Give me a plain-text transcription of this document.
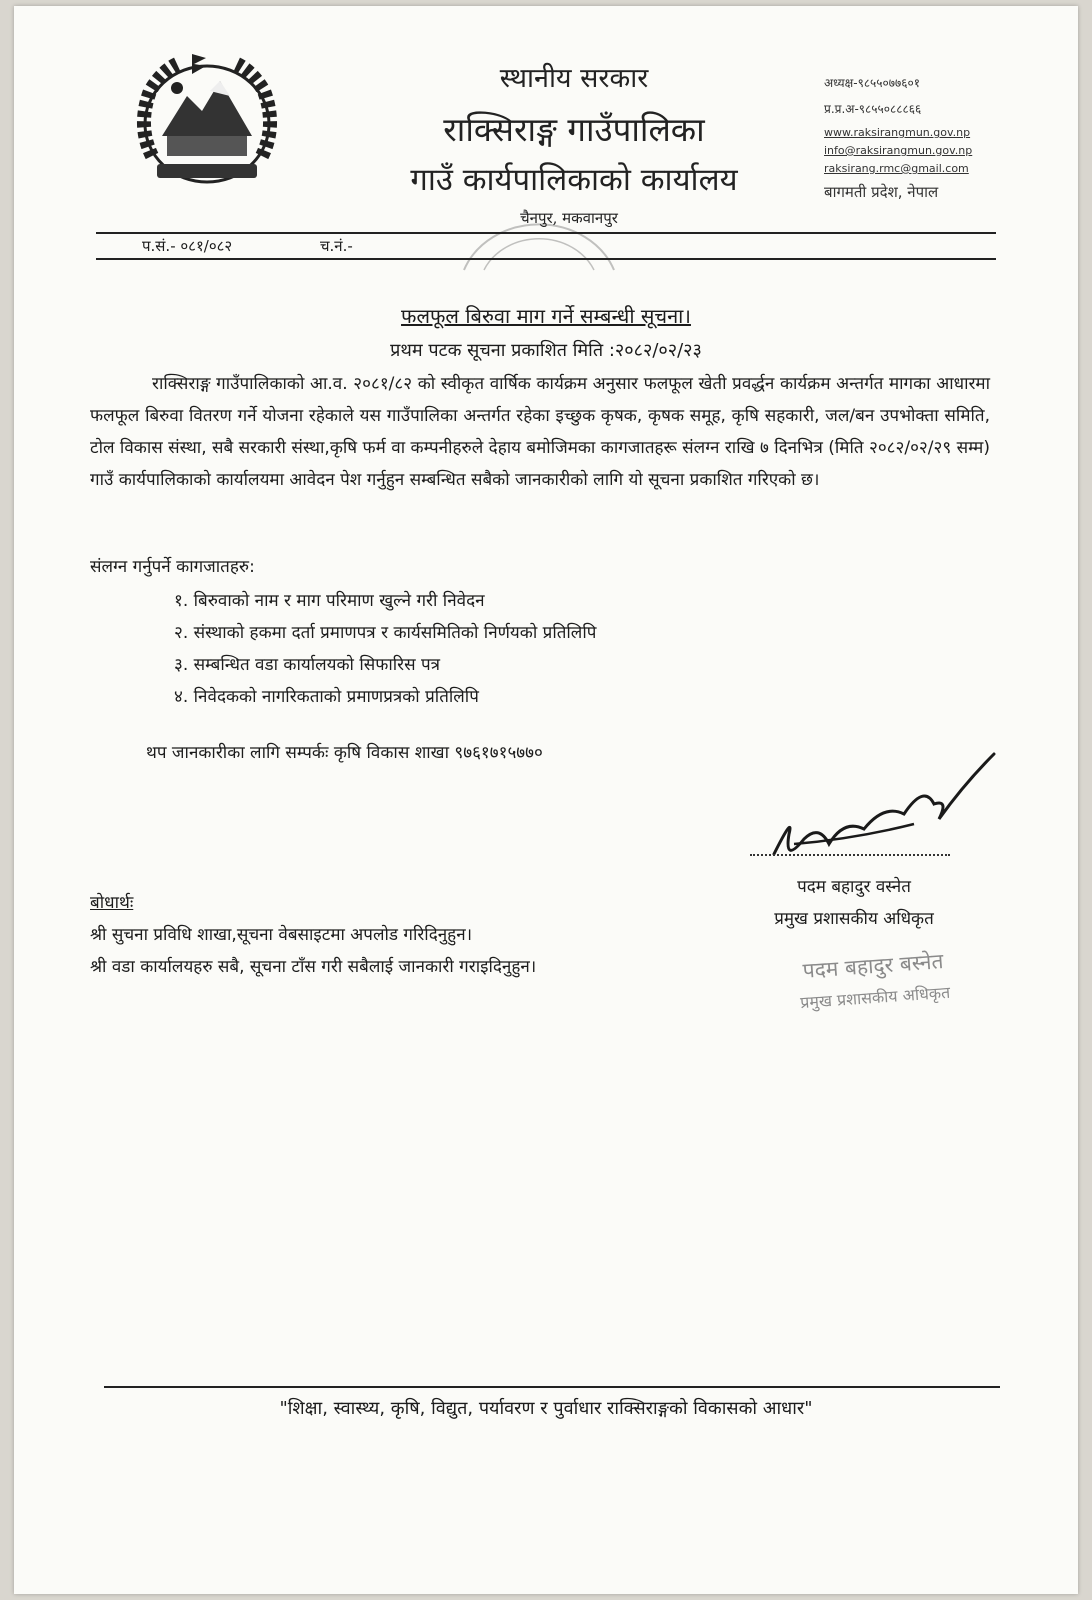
स्थानीय सरकार
राक्सिराङ्ग गाउँपालिका
गाउँ कार्यपालिकाको कार्यालय
चैनपुर, मकवानपुर
अध्यक्ष-९८५५०७७६०१
प्र.प्र.अ-९८५५०८८८६६
www.raksirangmun.gov.np
info@raksirangmun.gov.np
raksirang.rmc@gmail.com
बागमती प्रदेश, नेपाल
प.सं.- ०८१/०८२	च.नं.-
फलफूल बिरुवा माग गर्ने सम्बन्धी सूचना।
प्रथम पटक सूचना प्रकाशित मिति :२०८२/०२/२३
राक्सिराङ्ग गाउँपालिकाको आ.व. २०८१/८२ को स्वीकृत वार्षिक कार्यक्रम अनुसार फलफूल खेती प्रवर्द्धन कार्यक्रम अन्तर्गत मागका आधारमा फलफूल बिरुवा वितरण गर्ने योजना रहेकाले यस गाउँपालिका अन्तर्गत रहेका इच्छुक कृषक, कृषक समूह, कृषि सहकारी, जल/बन उपभोक्ता समिति, टोल विकास संस्था, सबै सरकारी संस्था,कृषि फर्म वा कम्पनीहरुले देहाय बमोजिमका कागजातहरू संलग्न राखि ७ दिनभित्र (मिति २०८२/०२/२९ सम्म) गाउँ कार्यपालिकाको कार्यालयमा आवेदन पेश गर्नुहुन सम्बन्धित सबैको जानकारीको लागि यो सूचना प्रकाशित गरिएको छ।
संलग्न गर्नुपर्ने कागजातहरु:
१. बिरुवाको नाम र माग परिमाण खुल्ने गरी निवेदन
२. संस्थाको हकमा दर्ता प्रमाणपत्र र कार्यसमितिको निर्णयको प्रतिलिपि
३. सम्बन्धित वडा कार्यालयको सिफारिस पत्र
४. निवेदकको नागरिकताको प्रमाणप्रत्रको प्रतिलिपि
थप जानकारीका लागि सम्पर्कः कृषि विकास शाखा ९७६१७१५७७०
पदम बहादुर वस्नेत
प्रमुख प्रशासकीय अधिकृत
पदम बहादुर बस्नेत
प्रमुख प्रशासकीय अधिकृत
बोधार्थः
श्री सुचना प्रविधि शाखा,सूचना वेबसाइटमा अपलोड गरिदिनुहुन।
श्री वडा कार्यालयहरु सबै, सूचना टाँस गरी सबैलाई जानकारी गराइदिनुहुन।
"शिक्षा, स्वास्थ्य, कृषि, विद्युत, पर्यावरण र पुर्वाधार राक्सिराङ्गको विकासको आधार"
